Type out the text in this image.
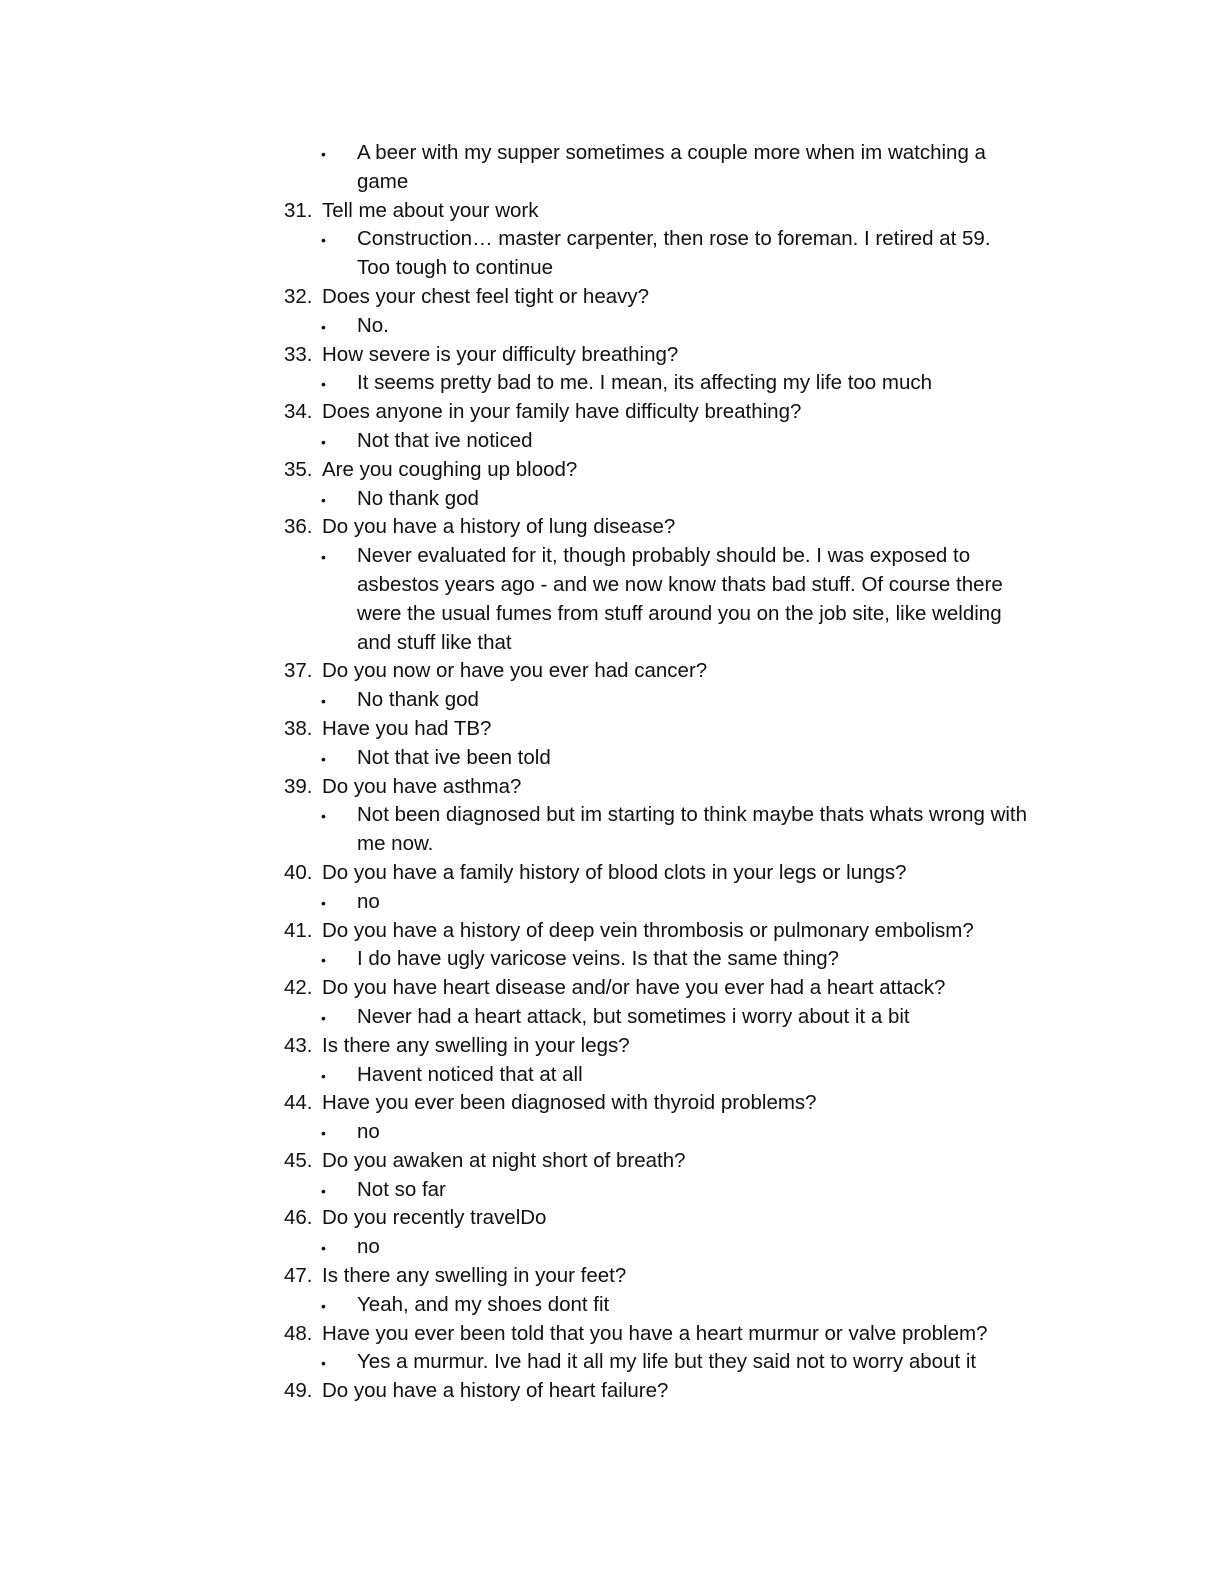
• A beer with my supper sometimes a couple more when im watching a
game
31. Tell me about your work
• Construction… master carpenter, then rose to foreman. I retired at 59.
Too tough to continue
32. Does your chest feel tight or heavy?
• No.
33. How severe is your difficulty breathing?
• It seems pretty bad to me. I mean, its affecting my life too much
34. Does anyone in your family have difficulty breathing?
• Not that ive noticed
35. Are you coughing up blood?
• No thank god
36. Do you have a history of lung disease?
• Never evaluated for it, though probably should be. I was exposed to
asbestos years ago - and we now know thats bad stuff. Of course there
were the usual fumes from stuff around you on the job site, like welding
and stuff like that
37. Do you now or have you ever had cancer?
• No thank god
38. Have you had TB?
• Not that ive been told
39. Do you have asthma?
• Not been diagnosed but im starting to think maybe thats whats wrong with
me now.
40. Do you have a family history of blood clots in your legs or lungs?
• no
41. Do you have a history of deep vein thrombosis or pulmonary embolism?
• I do have ugly varicose veins. Is that the same thing?
42. Do you have heart disease and/or have you ever had a heart attack?
• Never had a heart attack, but sometimes i worry about it a bit
43. Is there any swelling in your legs?
• Havent noticed that at all
44. Have you ever been diagnosed with thyroid problems?
• no
45. Do you awaken at night short of breath?
• Not so far
46. Do you recently travelDo
• no
47. Is there any swelling in your feet?
• Yeah, and my shoes dont fit
48. Have you ever been told that you have a heart murmur or valve problem?
• Yes a murmur. Ive had it all my life but they said not to worry about it
49. Do you have a history of heart failure?
